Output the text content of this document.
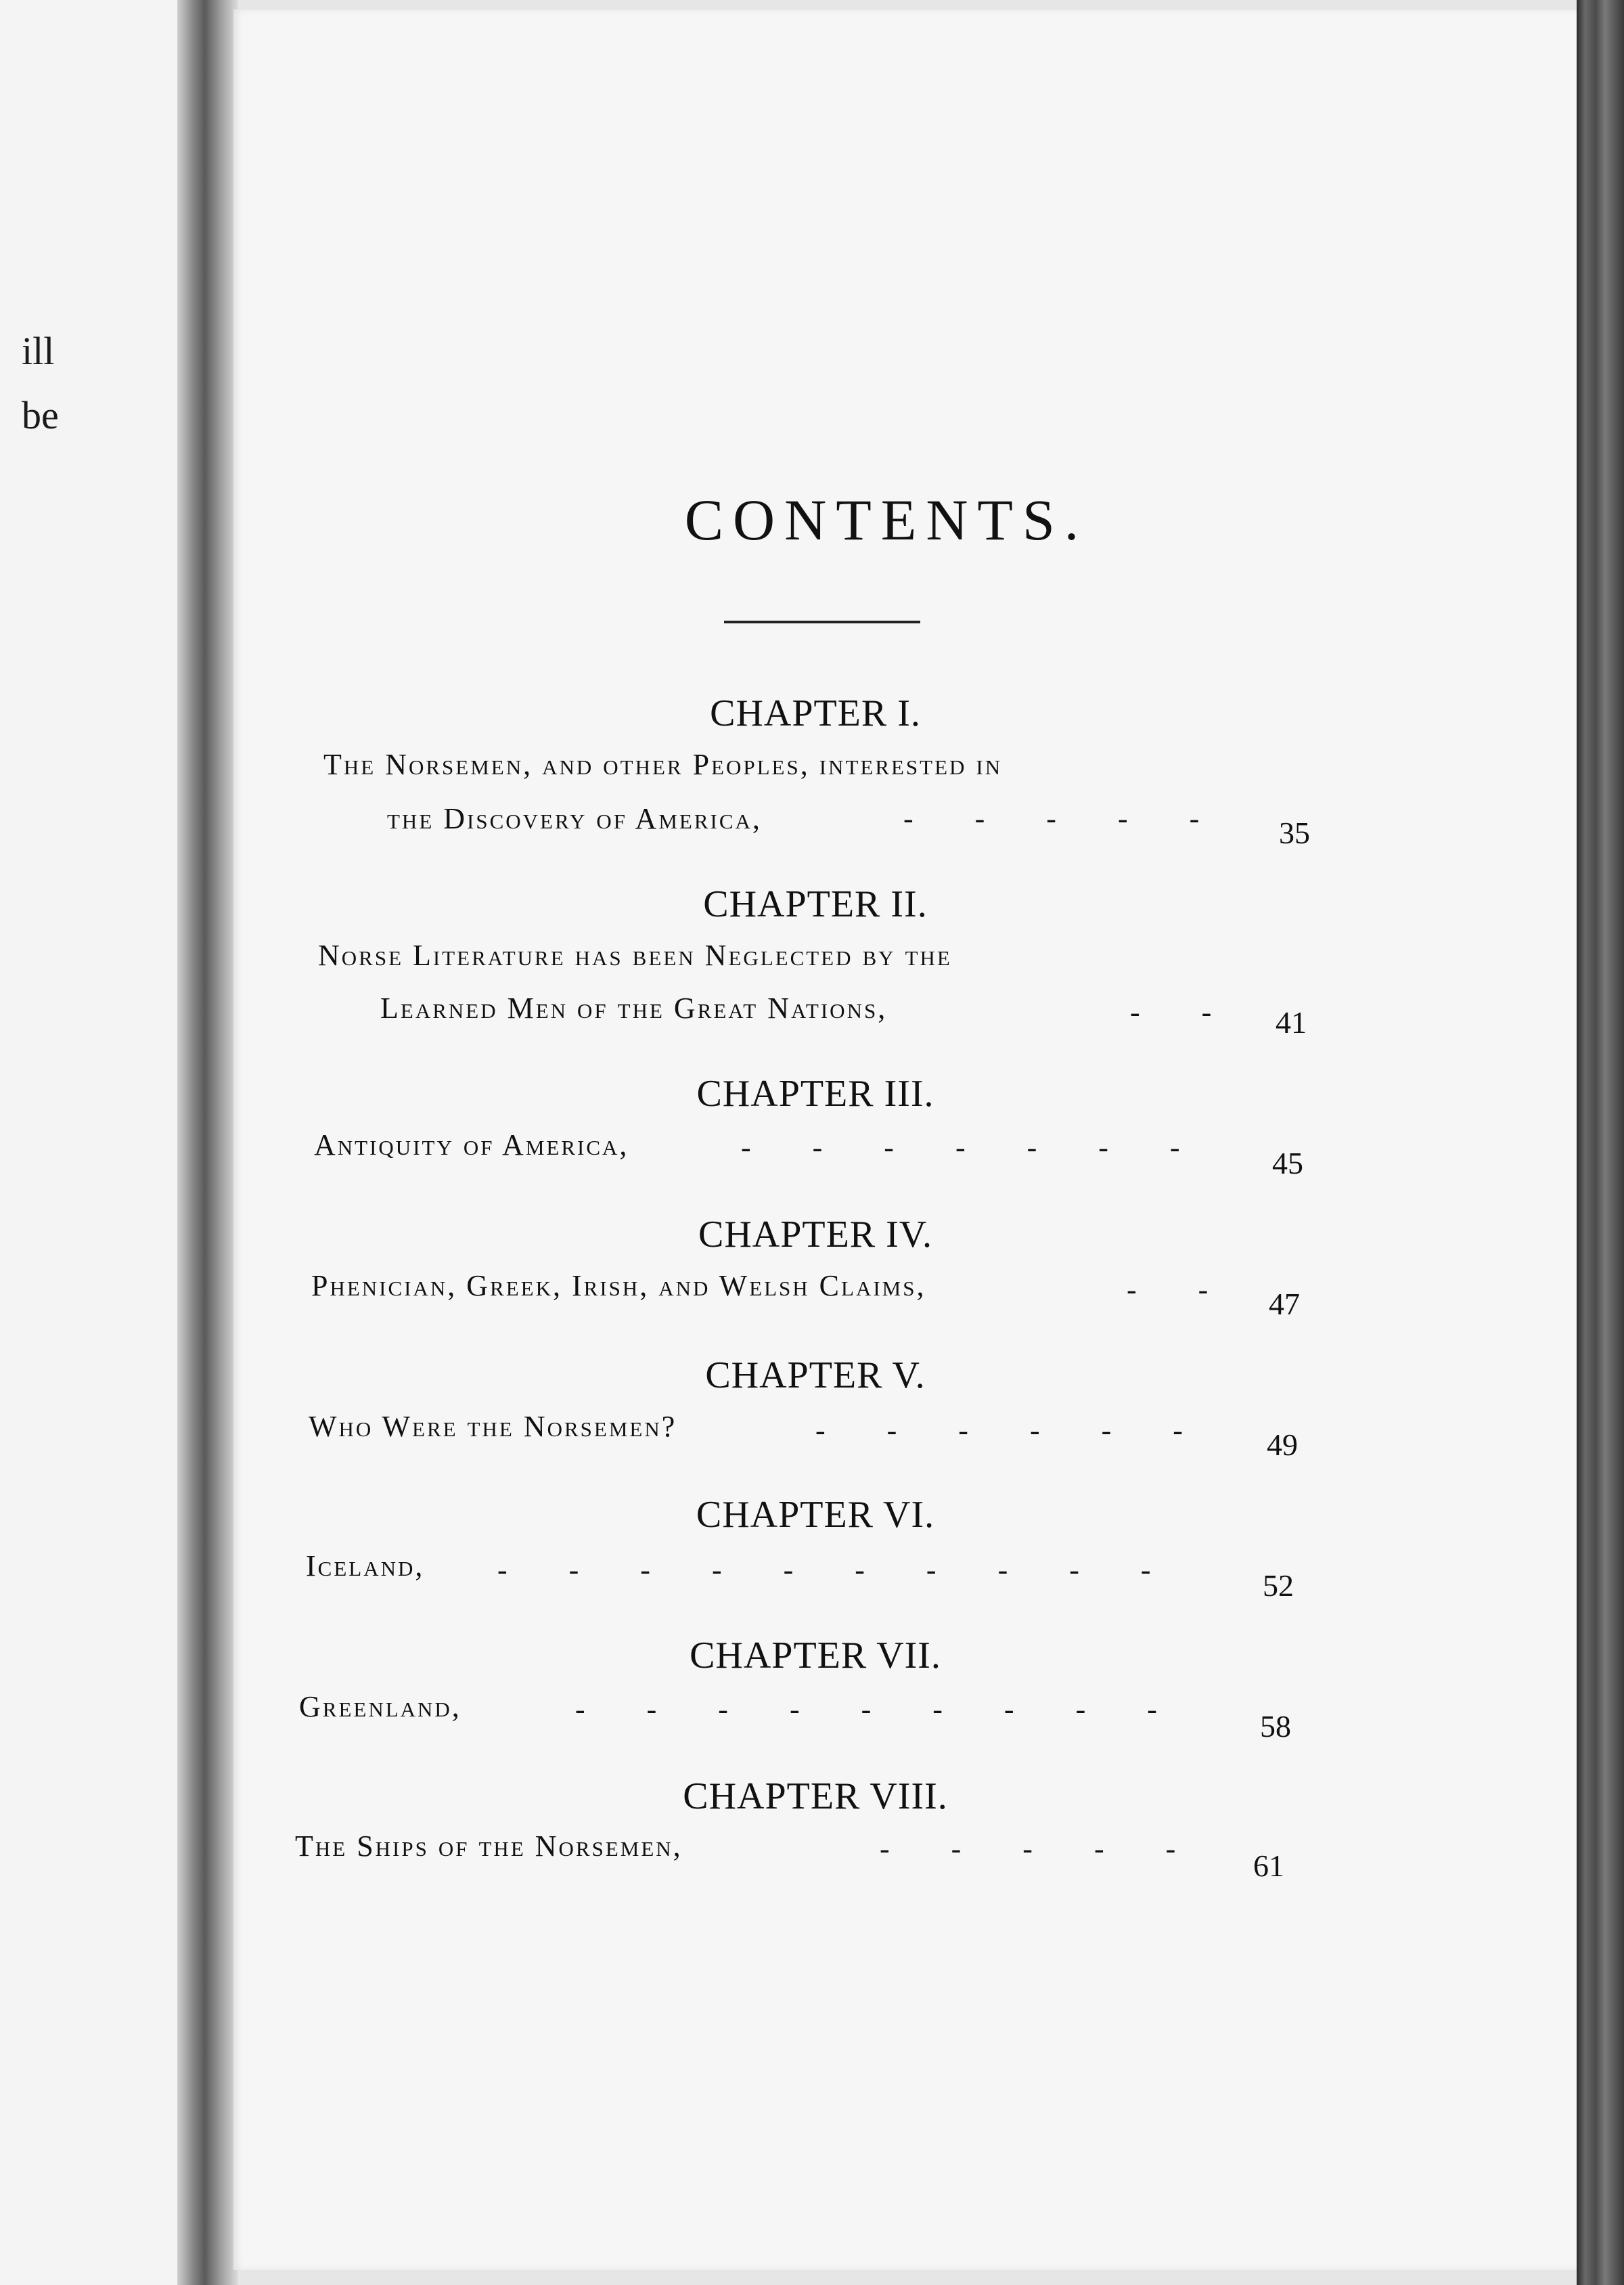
ill
be
CONTENTS.
CHAPTER I.
The Norsemen, and other Peoples, interested in
the Discovery of America,	-     -     -     -     - 35
CHAPTER II.
Norse Literature has been Neglected by the
Learned Men of the Great Nations,	-     - 41
CHAPTER III.
Antiquity of America,	-     -     -     -     -     -     -	45
CHAPTER IV.
Phenician, Greek, Irish, and Welsh Claims,	-     - 47
CHAPTER V.
Who Were the Norsemen?	-     -     -     -     -     -	49
CHAPTER VI.
Iceland, -     -     -     -     -     -     -     -     -     -	52
CHAPTER VII.
Greenland,	-     -     -     -     -     -     -     -     -	58
CHAPTER VIII.
The Ships of the Norsemen,	-     -     -     -     - 61
